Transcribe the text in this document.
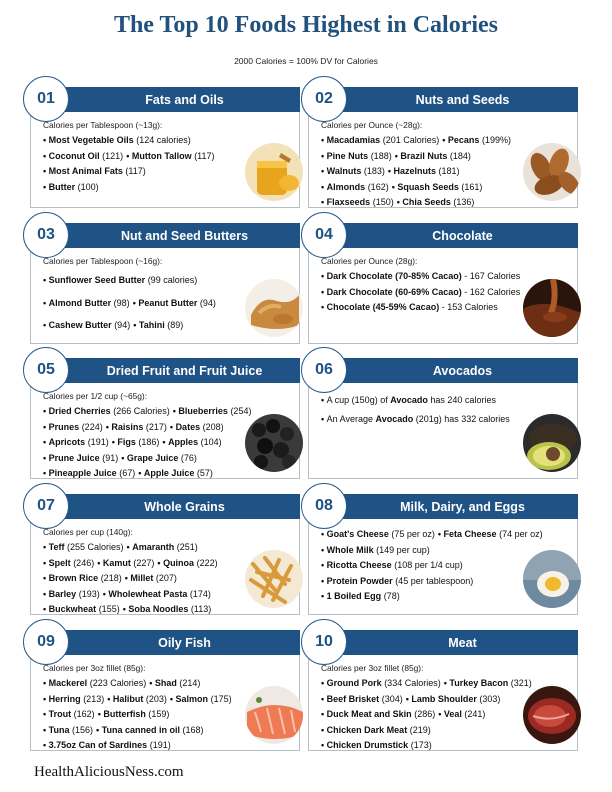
The Top 10 Foods Highest in Calories
2000 Calories = 100% DV for Calories
01	Fats and Oils
Calories per Tablespoon (~13g):
• Most Vegetable Oils (124 calories)
• Coconut Oil (121) • Mutton Tallow (117)
• Most Animal Fats (117)
• Butter (100)
02	Nuts and Seeds
Calories per Ounce (~28g):
• Macadamias (201 Calories) • Pecans (199%)
• Pine Nuts (188) • Brazil Nuts (184)
• Walnuts (183) • Hazelnuts (181)
• Almonds (162) • Squash Seeds (161)
• Flaxseeds (150) • Chia Seeds (136)
03	Nut and Seed Butters
Calories per Tablespoon (~16g):
• Sunflower Seed Butter (99 calories)
• Almond Butter (98) • Peanut Butter (94)
• Cashew Butter (94) • Tahini (89)
04	Chocolate
Calories per Ounce (28g):
• Dark Chocolate (70-85% Cacao) - 167 Calories
• Dark Chocolate (60-69% Cacao) - 162 Calories
• Chocolate (45-59% Cacao) - 153 Calories
05	Dried Fruit and Fruit Juice
Calories per 1/2 cup (~65g):
• Dried Cherries (266 Calories) • Blueberries (254)
• Prunes (224) • Raisins (217) • Dates (208)
• Apricots (191) • Figs (186) • Apples (104)
• Prune Juice (91) • Grape Juice (76)
• Pineapple Juice (67) • Apple Juice (57)
06	Avocados
• A cup (150g) of Avocado has 240 calories
• An Average Avocado (201g) has 332 calories
07	Whole Grains
Calories per cup (140g):
• Teff (255 Calories) • Amaranth (251)
• Spelt (246) • Kamut (227) • Quinoa (222)
• Brown Rice (218) • Millet (207)
• Barley (193) • Wholewheat Pasta (174)
• Buckwheat (155) • Soba Noodles (113)
08	Milk, Dairy, and Eggs
• Goat's Cheese (75 per oz) • Feta Cheese (74 per oz)
• Whole Milk (149 per cup)
• Ricotta Cheese (108 per 1/4 cup)
• Protein Powder (45 per tablespoon)
• 1 Boiled Egg (78)
09	Oily Fish
Calories per 3oz fillet (85g):
• Mackerel (223 Calories) • Shad (214)
• Herring (213) • Halibut (203) • Salmon (175)
• Trout (162) • Butterfish (159)
• Tuna (156) • Tuna canned in oil (168)
• 3.75oz Can of Sardines (191)
10	Meat
Calories per 3oz fillet (85g):
• Ground Pork (334 Calories) • Turkey Bacon (321)
• Beef Brisket (304) • Lamb Shoulder (303)
• Duck Meat and Skin (286) • Veal (241)
• Chicken Dark Meat (219)
• Chicken Drumstick (173)
HealthAliciousNess.com
